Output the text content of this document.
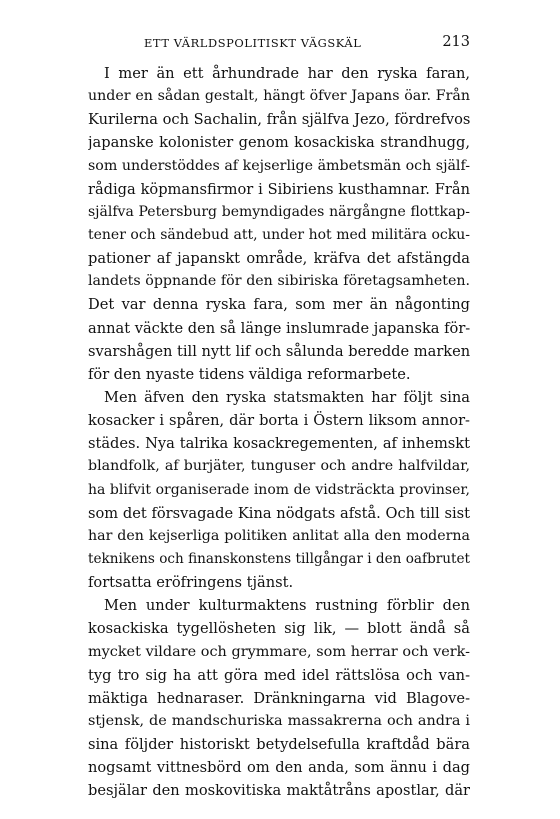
ETT VÄRLDSPOLITISKT VÄGSKÄL	213
I mer än ett århundrade har den ryska faran,
under en sådan gestalt, hängt öfver Japans öar. Från
Kurilerna och Sachalin, från själfva Jezo, fördrefvos
japanske kolonister genom kosackiska strandhugg,
som understöddes af kejserlige ämbetsmän och själf-
rådiga köpmansfirmor i Sibiriens kusthamnar. Från
själfva Petersburg bemyndigades närgångne flottkap-
tener och sändebud att, under hot med militära ocku-
pationer af japanskt område, kräfva det afstängda
landets öppnande för den sibiriska företagsamheten.
Det var denna ryska fara, som mer än någonting
annat väckte den så länge inslumrade japanska för-
svarshågen till nytt lif och sålunda beredde marken
för den nyaste tidens väldiga reformarbete.
Men äfven den ryska statsmakten har följt sina
kosacker i spåren, där borta i Östern liksom annor-
städes. Nya talrika kosackregementen, af inhemskt
blandfolk, af burjäter, tunguser och andre halfvildar,
ha blifvit organiserade inom de vidsträckta provinser,
som det försvagade Kina nödgats afstå. Och till sist
har den kejserliga politiken anlitat alla den moderna
teknikens och finanskonstens tillgångar i den oafbrutet
fortsatta eröfringens tjänst.
Men under kulturmaktens rustning förblir den
kosackiska tygellösheten sig lik, — blott ändå så
mycket vildare och grymmare, som herrar och verk-
tyg tro sig ha att göra med idel rättslösa och van-
mäktiga hednaraser. Dränkningarna vid Blagove-
stjensk, de mandschuriska massakrerna och andra i
sina följder historiskt betydelsefulla kraftdåd bära
nogsamt vittnesbörd om den anda, som ännu i dag
besjälar den moskovitiska maktåtråns apostlar, där
